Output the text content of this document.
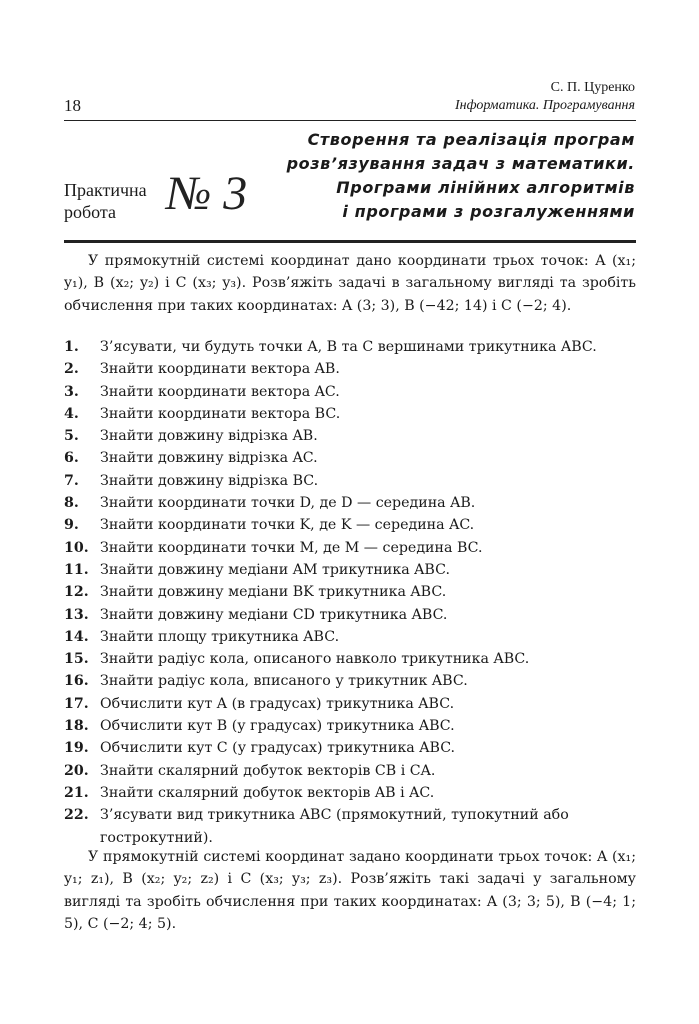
С. П. Цуренко
Інформатика. Програмування
18
Створення та реалізація програм
розв’язування задач з математики.
Програми лінійних алгоритмів
і програми з розгалуженнями
Практична
робота № 3

У прямокутній системі координат дано координати трьох точок: A (x₁; y₁), B (x₂; y₂) і C (x₃; y₃). Розв’яжіть задачі в загальному вигляді та зробіть обчислення при таких координатах: A (3; 3), B (−42; 14) і C (−2; 4).

1. З’ясувати, чи будуть точки A, B та C вершинами трикутника ABC.
2. Знайти координати вектора AB.
3. Знайти координати вектора AC.
4. Знайти координати вектора BC.
5. Знайти довжину відрізка AB.
6. Знайти довжину відрізка AC.
7. Знайти довжину відрізка BC.
8. Знайти координати точки D, де D — середина AB.
9. Знайти координати точки K, де K — середина AC.
10. Знайти координати точки M, де M — середина BC.
11. Знайти довжину медіани AM трикутника ABC.
12. Знайти довжину медіани BK трикутника ABC.
13. Знайти довжину медіани CD трикутника ABC.
14. Знайти площу трикутника ABC.
15. Знайти радіус кола, описаного навколо трикутника ABC.
16. Знайти радіус кола, вписаного у трикутник ABC.
17. Обчислити кут A (в градусах) трикутника ABC.
18. Обчислити кут B (у градусах) трикутника ABC.
19. Обчислити кут C (у градусах) трикутника ABC.
20. Знайти скалярний добуток векторів CB і CA.
21. Знайти скалярний добуток векторів AB і AC.
22. З’ясувати вид трикутника ABC (прямокутний, тупокутний або гострокутний).

У прямокутній системі координат задано координати трьох точок: A (x₁; y₁; z₁), B (x₂; y₂; z₂) і C (x₃; y₃; z₃). Розв’яжіть такі задачі у загальному вигляді та зробіть обчислення при таких координатах: A (3; 3; 5), B (−4; 1; 5), C (−2; 4; 5).
